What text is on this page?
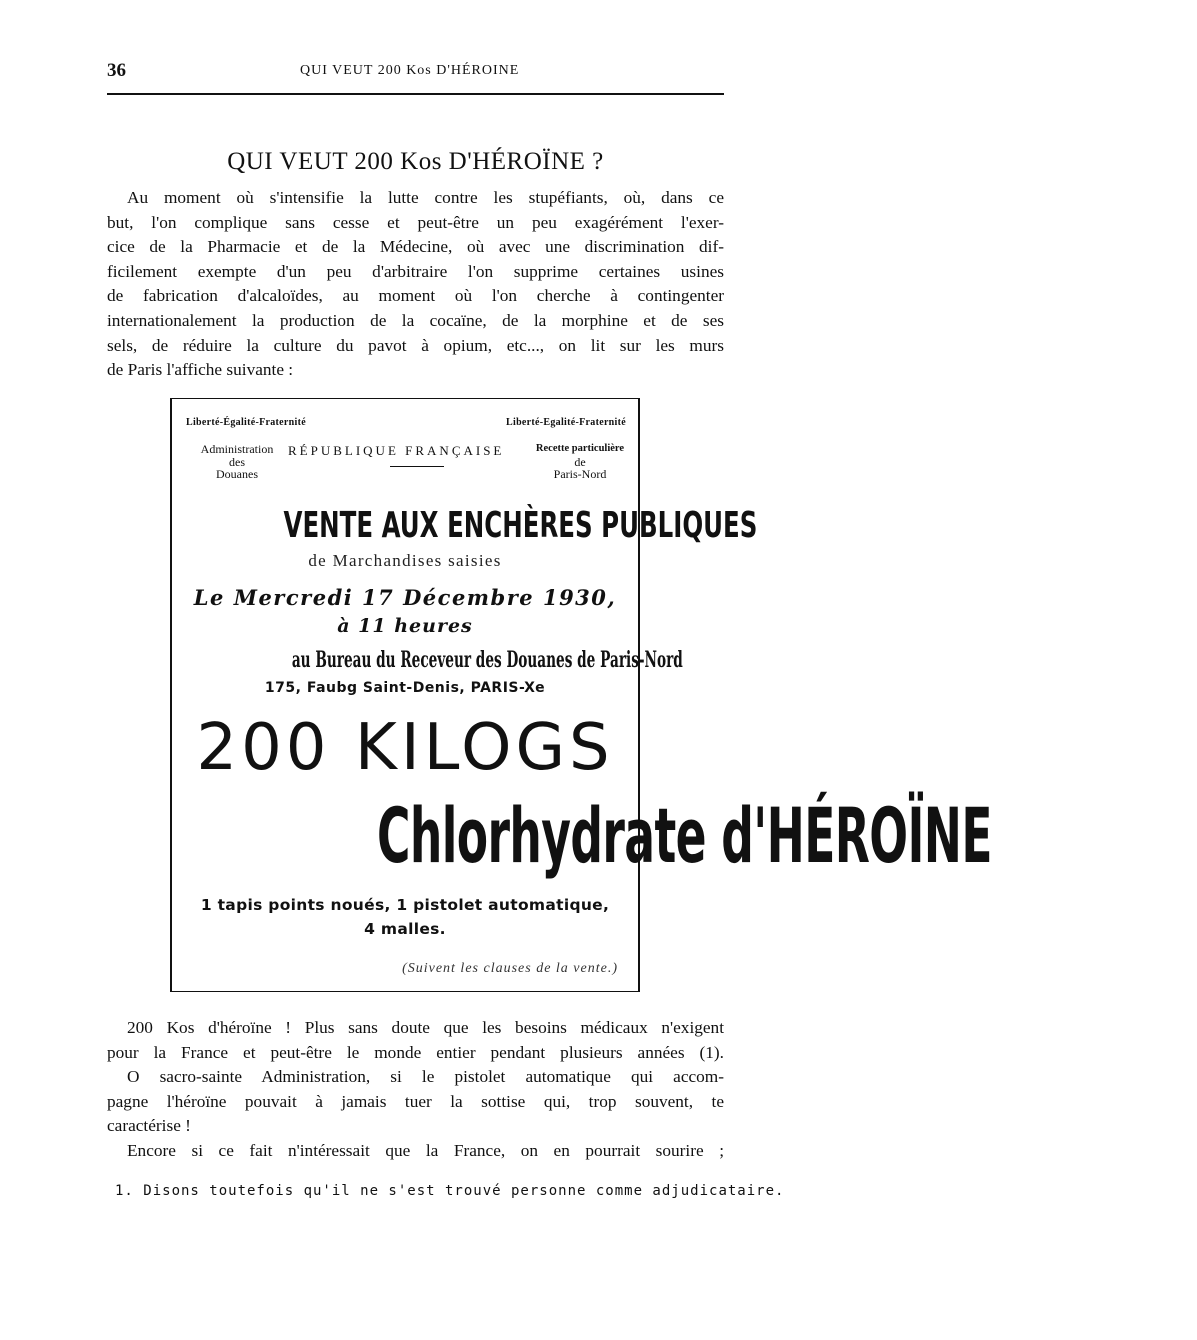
36	QUI VEUT 200 Kos D'HÉROINE
QUI VEUT 200 Kos D'HÉROÏNE ?

Au moment où s'intensifie la lutte contre les stupéfiants, où, dans ce

but, l'on complique sans cesse et peut-être un peu exagérément l'exer-

cice de la Pharmacie et de la Médecine, où avec une discrimination dif-

ficilement exempte d'un peu d'arbitraire l'on supprime certaines usines

de fabrication d'alcaloïdes, au moment où l'on cherche à contingenter

internationalement la production de la cocaïne, de la morphine et de ses

sels, de réduire la culture du pavot à opium, etc..., on lit sur les murs

de Paris l'affiche suivante :

Liberté-Égalité-Fraternité	Liberté-Egalité-Fraternité
Administration
des
Douanes
RÉPUBLIQUE FRANÇAISE	Recette particulière
de
Paris-Nord
VENTE AUX ENCHÈRES PUBLIQUES
de Marchandises saisies
Le Mercredi 17 Décembre 1930,
à 11 heures
au Bureau du Receveur des Douanes de Paris-Nord
175, Faubg Saint-Denis, PARIS-Xe
200 KILOGS
Chlorhydrate d'HÉROÏNE
1 tapis points noués, 1 pistolet automatique,
4 malles.
(Suivent les clauses de la vente.)

200 Kos d'héroïne ! Plus sans doute que les besoins médicaux n'exigent

pour la France et peut-être le monde entier pendant plusieurs années (1).

O sacro-sainte Administration, si le pistolet automatique qui accom-

pagne l'héroïne pouvait à jamais tuer la sottise qui, trop souvent, te

caractérise !

Encore si ce fait n'intéressait que la France, on en pourrait sourire ;

1. Disons toutefois qu'il ne s'est trouvé personne comme adjudicataire.
